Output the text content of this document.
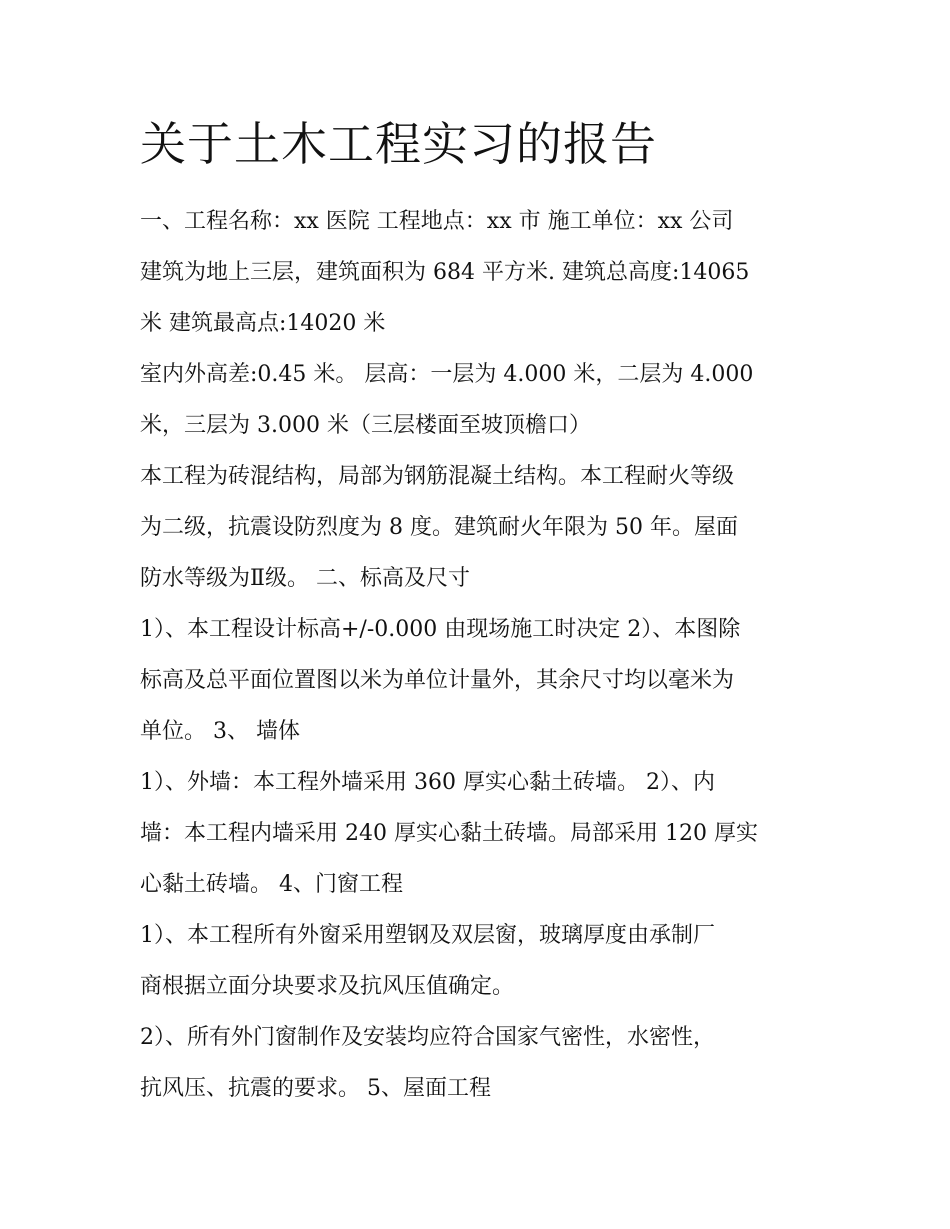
关于土木工程实习的报告
一、工程名称：xx 医院 工程地点：xx 市 施工单位：xx 公司
建筑为地上三层，建筑面积为 684 平方米. 建筑总高度:14065
米 建筑最高点:14020 米
室内外高差:0.45 米。 层高：一层为 4.000 米，二层为 4.000
米，三层为 3.000 米（三层楼面至坡顶檐口）
本工程为砖混结构，局部为钢筋混凝土结构。本工程耐火等级
为二级，抗震设防烈度为 8 度。建筑耐火年限为 50 年。屋面
防水等级为Ⅱ级。 二、标高及尺寸
1）、本工程设计标高+/-0.000 由现场施工时决定 2）、本图除
标高及总平面位置图以米为单位计量外，其余尺寸均以毫米为
单位。 3、 墙体
1）、外墙：本工程外墙采用 360 厚实心黏土砖墙。 2）、内
墙：本工程内墙采用 240 厚实心黏土砖墙。局部采用 120 厚实
心黏土砖墙。 4、门窗工程
1）、本工程所有外窗采用塑钢及双层窗，玻璃厚度由承制厂
商根据立面分块要求及抗风压值确定。
2）、所有外门窗制作及安装均应符合国家气密性，水密性，
抗风压、抗震的要求。 5、屋面工程
